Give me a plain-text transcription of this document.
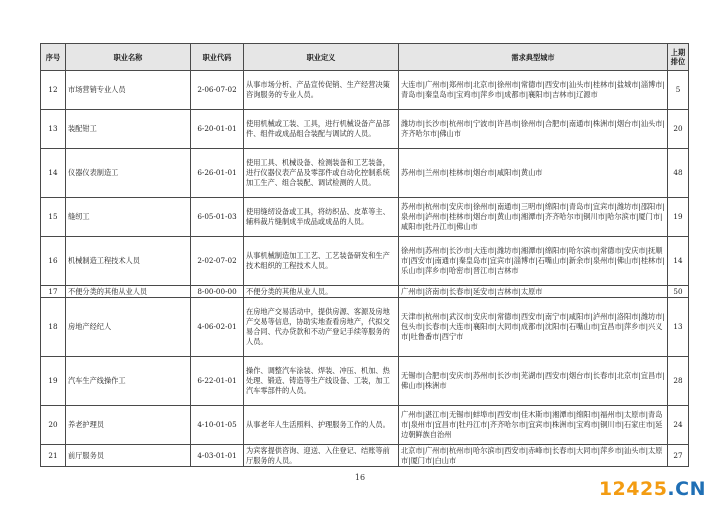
序号	职业名称	职业代码	职业定义	需求典型城市	上期排位
12	市场营销专业人员	2-06-07-02	从事市场分析、产品宣传促销、生产经营决策咨询服务的专业人员。	大连市|广州市|郑州市|北京市|徐州市|常德市|西安市|汕头市|桂林市|盐城市|淄博市|青岛市|秦皇岛市|宝鸡市|萍乡市|成都市|襄阳市|吉林市|辽源市	5
13	装配钳工	6-20-01-01	使用机械或工装、工具，进行机械设备产品部件、组件或成品组合装配与调试的人员。	潍坊市|长沙市|杭州市|宁波市|许昌市|徐州市|合肥市|南通市|株洲市|烟台市|汕头市|齐齐哈尔市|佛山市	20
14	仪器仪表制造工	6-26-01-01	使用工具、机械设备、检测装备和工艺装备，进行仪器仪表产品及零部件或自动化控制系统加工生产、组合装配、调试检测的人员。	苏州市|兰州市|桂林市|烟台市|咸阳市|黄山市	48
15	缝纫工	6-05-01-03	使用缝纫设备或工具，将纺织品、皮革等主、辅料裁片缝制成半成品或成品的人员。	苏州市|杭州市|安庆市|徐州市|南通市|三明市|绵阳市|青岛市|宜宾市|潍坊市|邵阳市|泉州市|泸州市|桂林市|烟台市|黄山市|湘潭市|齐齐哈尔市|铜川市|哈尔滨市|厦门市|咸阳市|牡丹江市|佛山市	19
16	机械制造工程技术人员	2-02-07-02	从事机械制造加工工艺、工艺装备研发和生产技术组织的工程技术人员。	徐州市|苏州市|长沙市|大连市|潍坊市|湘潭市|绵阳市|哈尔滨市|常德市|安庆市|抚顺市|西安市|南通市|秦皇岛市|宜宾市|淄博市|石嘴山市|新余市|泉州市|佛山市|桂林市|乐山市|萍乡市|哈密市|晋江市|吉林市	14
17	不便分类的其他从业人员	8-00-00-00	不便分类的其他从业人员。	广州市|济南市|长春市|延安市|吉林市|太原市	50
18	房地产经纪人	4-06-02-01	在房地产交易活动中，提供房源、客源及房地产交易等信息，协助实地查看房地产，代拟交易合同、代办贷款和不动产登记手续等服务的人员。	天津市|杭州市|武汉市|安庆市|常德市|西安市|南宁市|咸阳市|泸州市|洛阳市|潍坊市|包头市|长春市|大连市|襄阳市|大同市|成都市|沈阳市|石嘴山市|宜昌市|萍乡市|兴义市|吐鲁番市|西宁市	13
19	汽车生产线操作工	6-22-01-01	操作、调整汽车涂装、焊装、冲压、机加、热处理、锻造、铸造等生产线设备、工装，加工汽车零部件的人员。	无锡市|合肥市|安庆市|苏州市|长沙市|芜湖市|西安市|烟台市|长春市|北京市|宜昌市|佛山市|株洲市	28
20	养老护理员	4-10-01-05	从事老年人生活照料、护理服务工作的人员。	广州市|湛江市|无锡市|蚌埠市|西安市|佳木斯市|湘潭市|绵阳市|福州市|太原市|青岛市|泉州市|宜昌市|牡丹江市|齐齐哈尔市|宜宾市|株洲市|宝鸡市|铜川市|石家庄市|延边朝鲜族自治州	24
21	前厅服务员	4-03-01-01	为宾客提供咨询、迎送、入住登记、结账等前厅服务的人员。	北京市|广州市|杭州市|哈尔滨市|西安市|赤峰市|长春市|大同市|萍乡市|汕头市|太原市|厦门市|白山市	27
16
12425.CN
